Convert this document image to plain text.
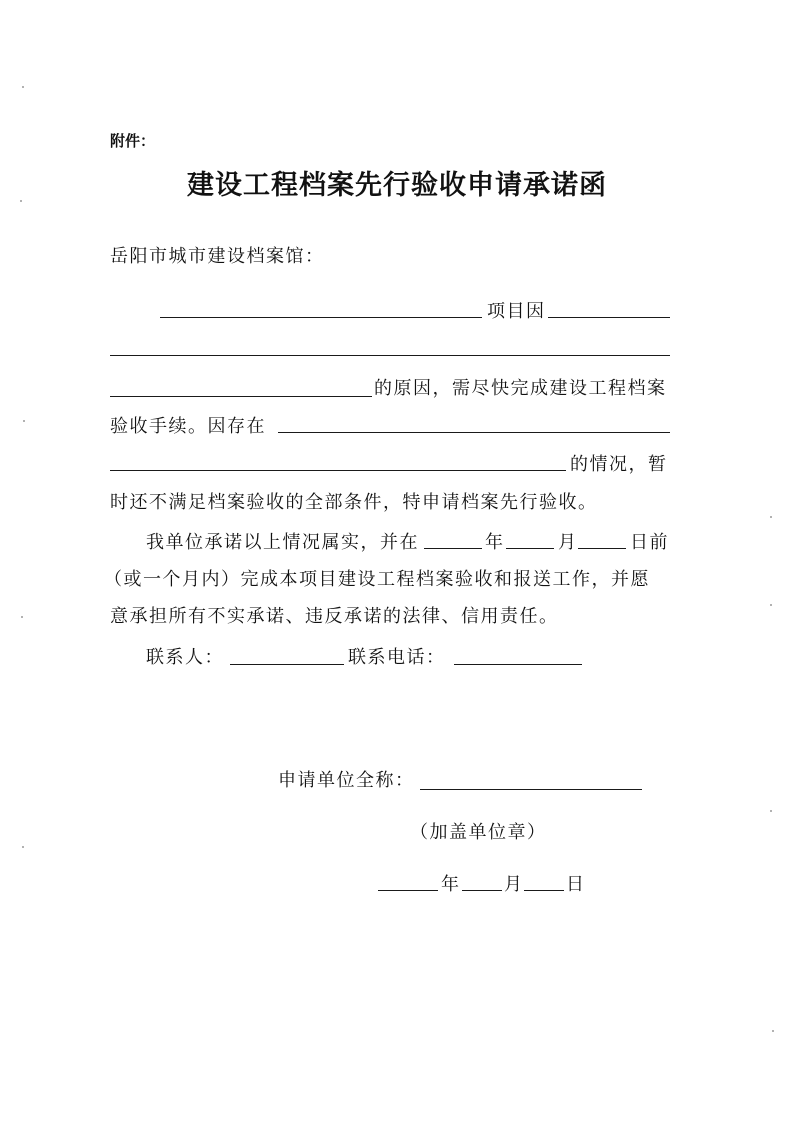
附件：
建设工程档案先行验收申请承诺函
岳阳市城市建设档案馆：
项目因
的原因，需尽快完成建设工程档案
验收手续。因存在
的情况，暂
时还不满足档案验收的全部条件，特申请档案先行验收。
我单位承诺以上情况属实，并在	年	月	日前
（或一个月内）完成本项目建设工程档案验收和报送工作，并愿
意承担所有不实承诺、违反承诺的法律、信用责任。
联系人：	联系电话：
申请单位全称：
（加盖单位章）
年 月 日
